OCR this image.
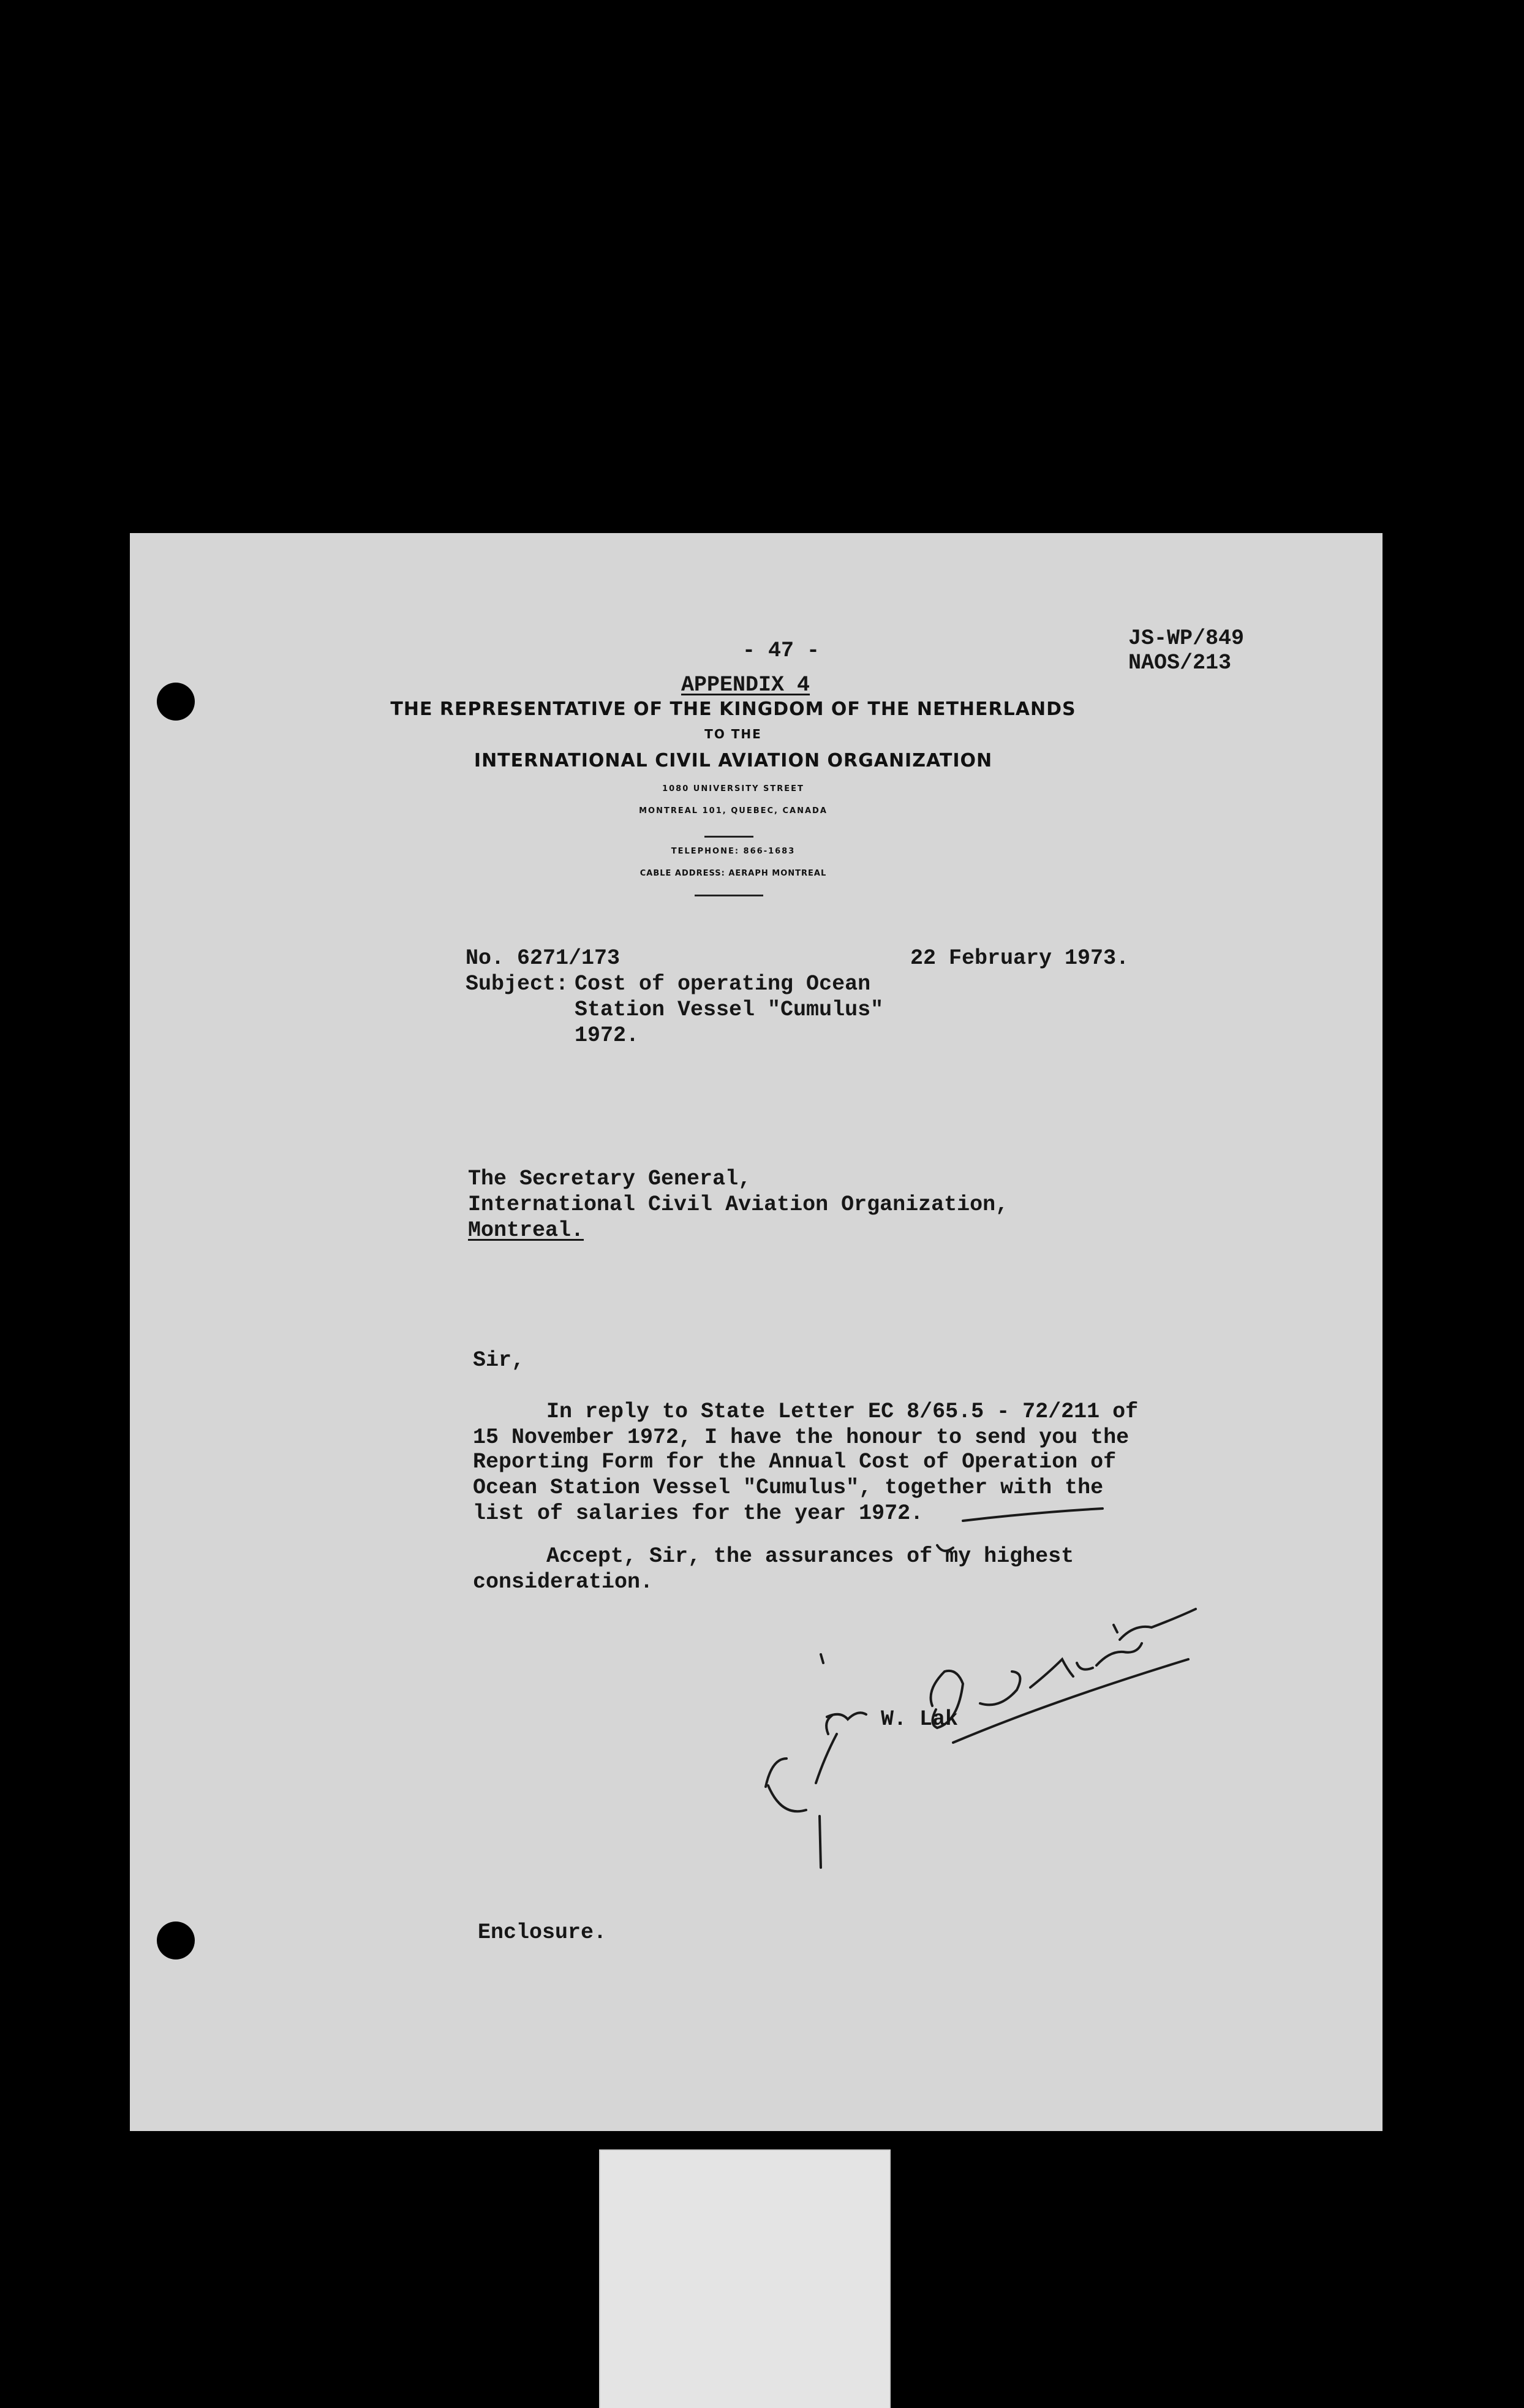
- 47 -	JS-WP/849
NAOS/213
APPENDIX 4
THE REPRESENTATIVE OF THE KINGDOM OF THE NETHERLANDS
TO THE
INTERNATIONAL CIVIL AVIATION ORGANIZATION
1080 UNIVERSITY STREET
MONTREAL 101, QUEBEC, CANADA
TELEPHONE: 866-1683
CABLE ADDRESS: AERAPH MONTREAL
No. 6271/173	22 February 1973.
Subject: Cost of operating Ocean
Station Vessel "Cumulus"
1972.
The Secretary General,
International Civil Aviation Organization,
Montreal.
Sir,
In reply to State Letter EC 8/65.5 - 72/211 of
15 November 1972, I have the honour to send you the
Reporting Form for the Annual Cost of Operation of
Ocean Station Vessel "Cumulus", together with the
list of salaries for the year 1972.
Accept, Sir, the assurances of my highest
consideration.
W. Lak
Enclosure.
